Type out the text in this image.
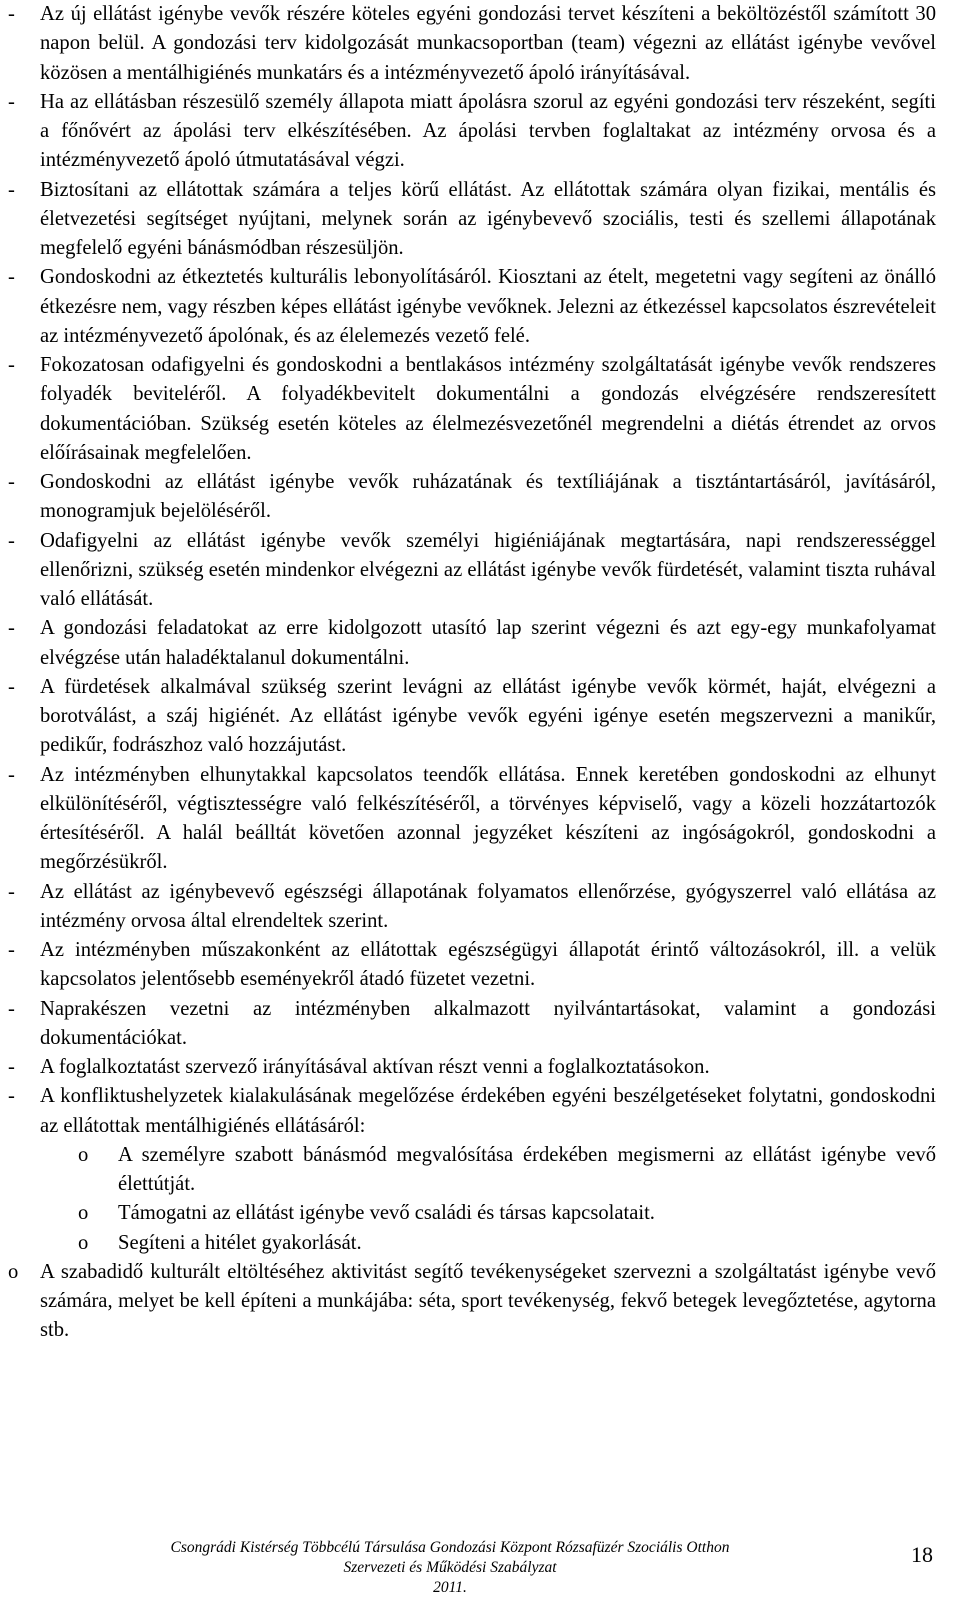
- Az új ellátást igénybe vevők részére köteles egyéni gondozási tervet készíteni a beköltözéstől számított 30 napon belül. A gondozási terv kidolgozását munkacsoportban (team) végezni az ellátást igénybe vevővel közösen a mentálhigiénés munkatárs és a intézményvezető ápoló irányításával.
- Ha az ellátásban részesülő személy állapota miatt ápolásra szorul az egyéni gondozási terv részeként, segíti a főnővért az ápolási terv elkészítésében. Az ápolási tervben foglaltakat az intézmény orvosa és a intézményvezető ápoló útmutatásával végzi.
- Biztosítani az ellátottak számára a teljes körű ellátást. Az ellátottak számára olyan fizikai, mentális és életvezetési segítséget nyújtani, melynek során az igénybevevő szociális, testi és szellemi állapotának megfelelő egyéni bánásmódban részesüljön.
- Gondoskodni az étkeztetés kulturális lebonyolításáról. Kiosztani az ételt, megetetni vagy segíteni az önálló étkezésre nem, vagy részben képes ellátást igénybe vevőknek. Jelezni az étkezéssel kapcsolatos észrevételeit az intézményvezető ápolónak, és az élelemezés vezető felé.
- Fokozatosan odafigyelni és gondoskodni a bentlakásos intézmény szolgáltatását igénybe vevők rendszeres folyadék beviteléről. A folyadékbevitelt dokumentálni a gondozás elvégzésére rendszeresített dokumentációban. Szükség esetén köteles az élelmezésvezetőnél megrendelni a diétás étrendet az orvos előírásainak megfelelően.
- Gondoskodni az ellátást igénybe vevők ruházatának és textíliájának a tisztántartásáról, javításáról, monogramjuk bejelöléséről.
- Odafigyelni az ellátást igénybe vevők személyi higiéniájának megtartására, napi rendszerességgel ellenőrizni, szükség esetén mindenkor elvégezni az ellátást igénybe vevők fürdetését, valamint tiszta ruhával való ellátását.
- A gondozási feladatokat az erre kidolgozott utasító lap szerint végezni és azt egy-egy munkafolyamat elvégzése után haladéktalanul dokumentálni.
- A fürdetések alkalmával szükség szerint levágni az ellátást igénybe vevők körmét, haját, elvégezni a borotválást, a száj higiénét. Az ellátást igénybe vevők egyéni igénye esetén megszervezni a manikűr, pedikűr, fodrászhoz való hozzájutást.
- Az intézményben elhunytakkal kapcsolatos teendők ellátása. Ennek keretében gondoskodni az elhunyt elkülönítéséről, végtisztességre való felkészítéséről, a törvényes képviselő, vagy a közeli hozzátartozók értesítéséről. A halál beálltát követően azonnal jegyzéket készíteni az ingóságokról, gondoskodni a megőrzésükről.
- Az ellátást az igénybevevő egészségi állapotának folyamatos ellenőrzése, gyógyszerrel való ellátása az intézmény orvosa által elrendeltek szerint.
- Az intézményben műszakonként az ellátottak egészségügyi állapotát érintő változásokról, ill. a velük kapcsolatos jelentősebb eseményekről átadó füzetet vezetni.
- Naprakészen vezetni az intézményben alkalmazott nyilvántartásokat, valamint a gondozási dokumentációkat.
- A foglalkoztatást szervező irányításával aktívan részt venni a foglalkoztatásokon.
- A konfliktushelyzetek kialakulásának megelőzése érdekében egyéni beszélgetéseket folytatni, gondoskodni az ellátottak mentálhigiénés ellátásáról:
o A személyre szabott bánásmód megvalósítása érdekében megismerni az ellátást igénybe vevő élettútját.
o Támogatni az ellátást igénybe vevő családi és társas kapcsolatait.
o Segíteni a hitélet gyakorlását.
o A szabadidő kulturált eltöltéséhez aktivitást segítő tevékenységeket szervezni a szolgáltatást igénybe vevő számára, melyet be kell építeni a munkájába: séta, sport tevékenység, fekvő betegek levegőztetése, agytorna stb.
Csongrádi Kistérség Többcélú Társulása Gondozási Központ Rózsafüzér Szociális Otthon
Szervezeti és Működési Szabályzat
2011.
18
